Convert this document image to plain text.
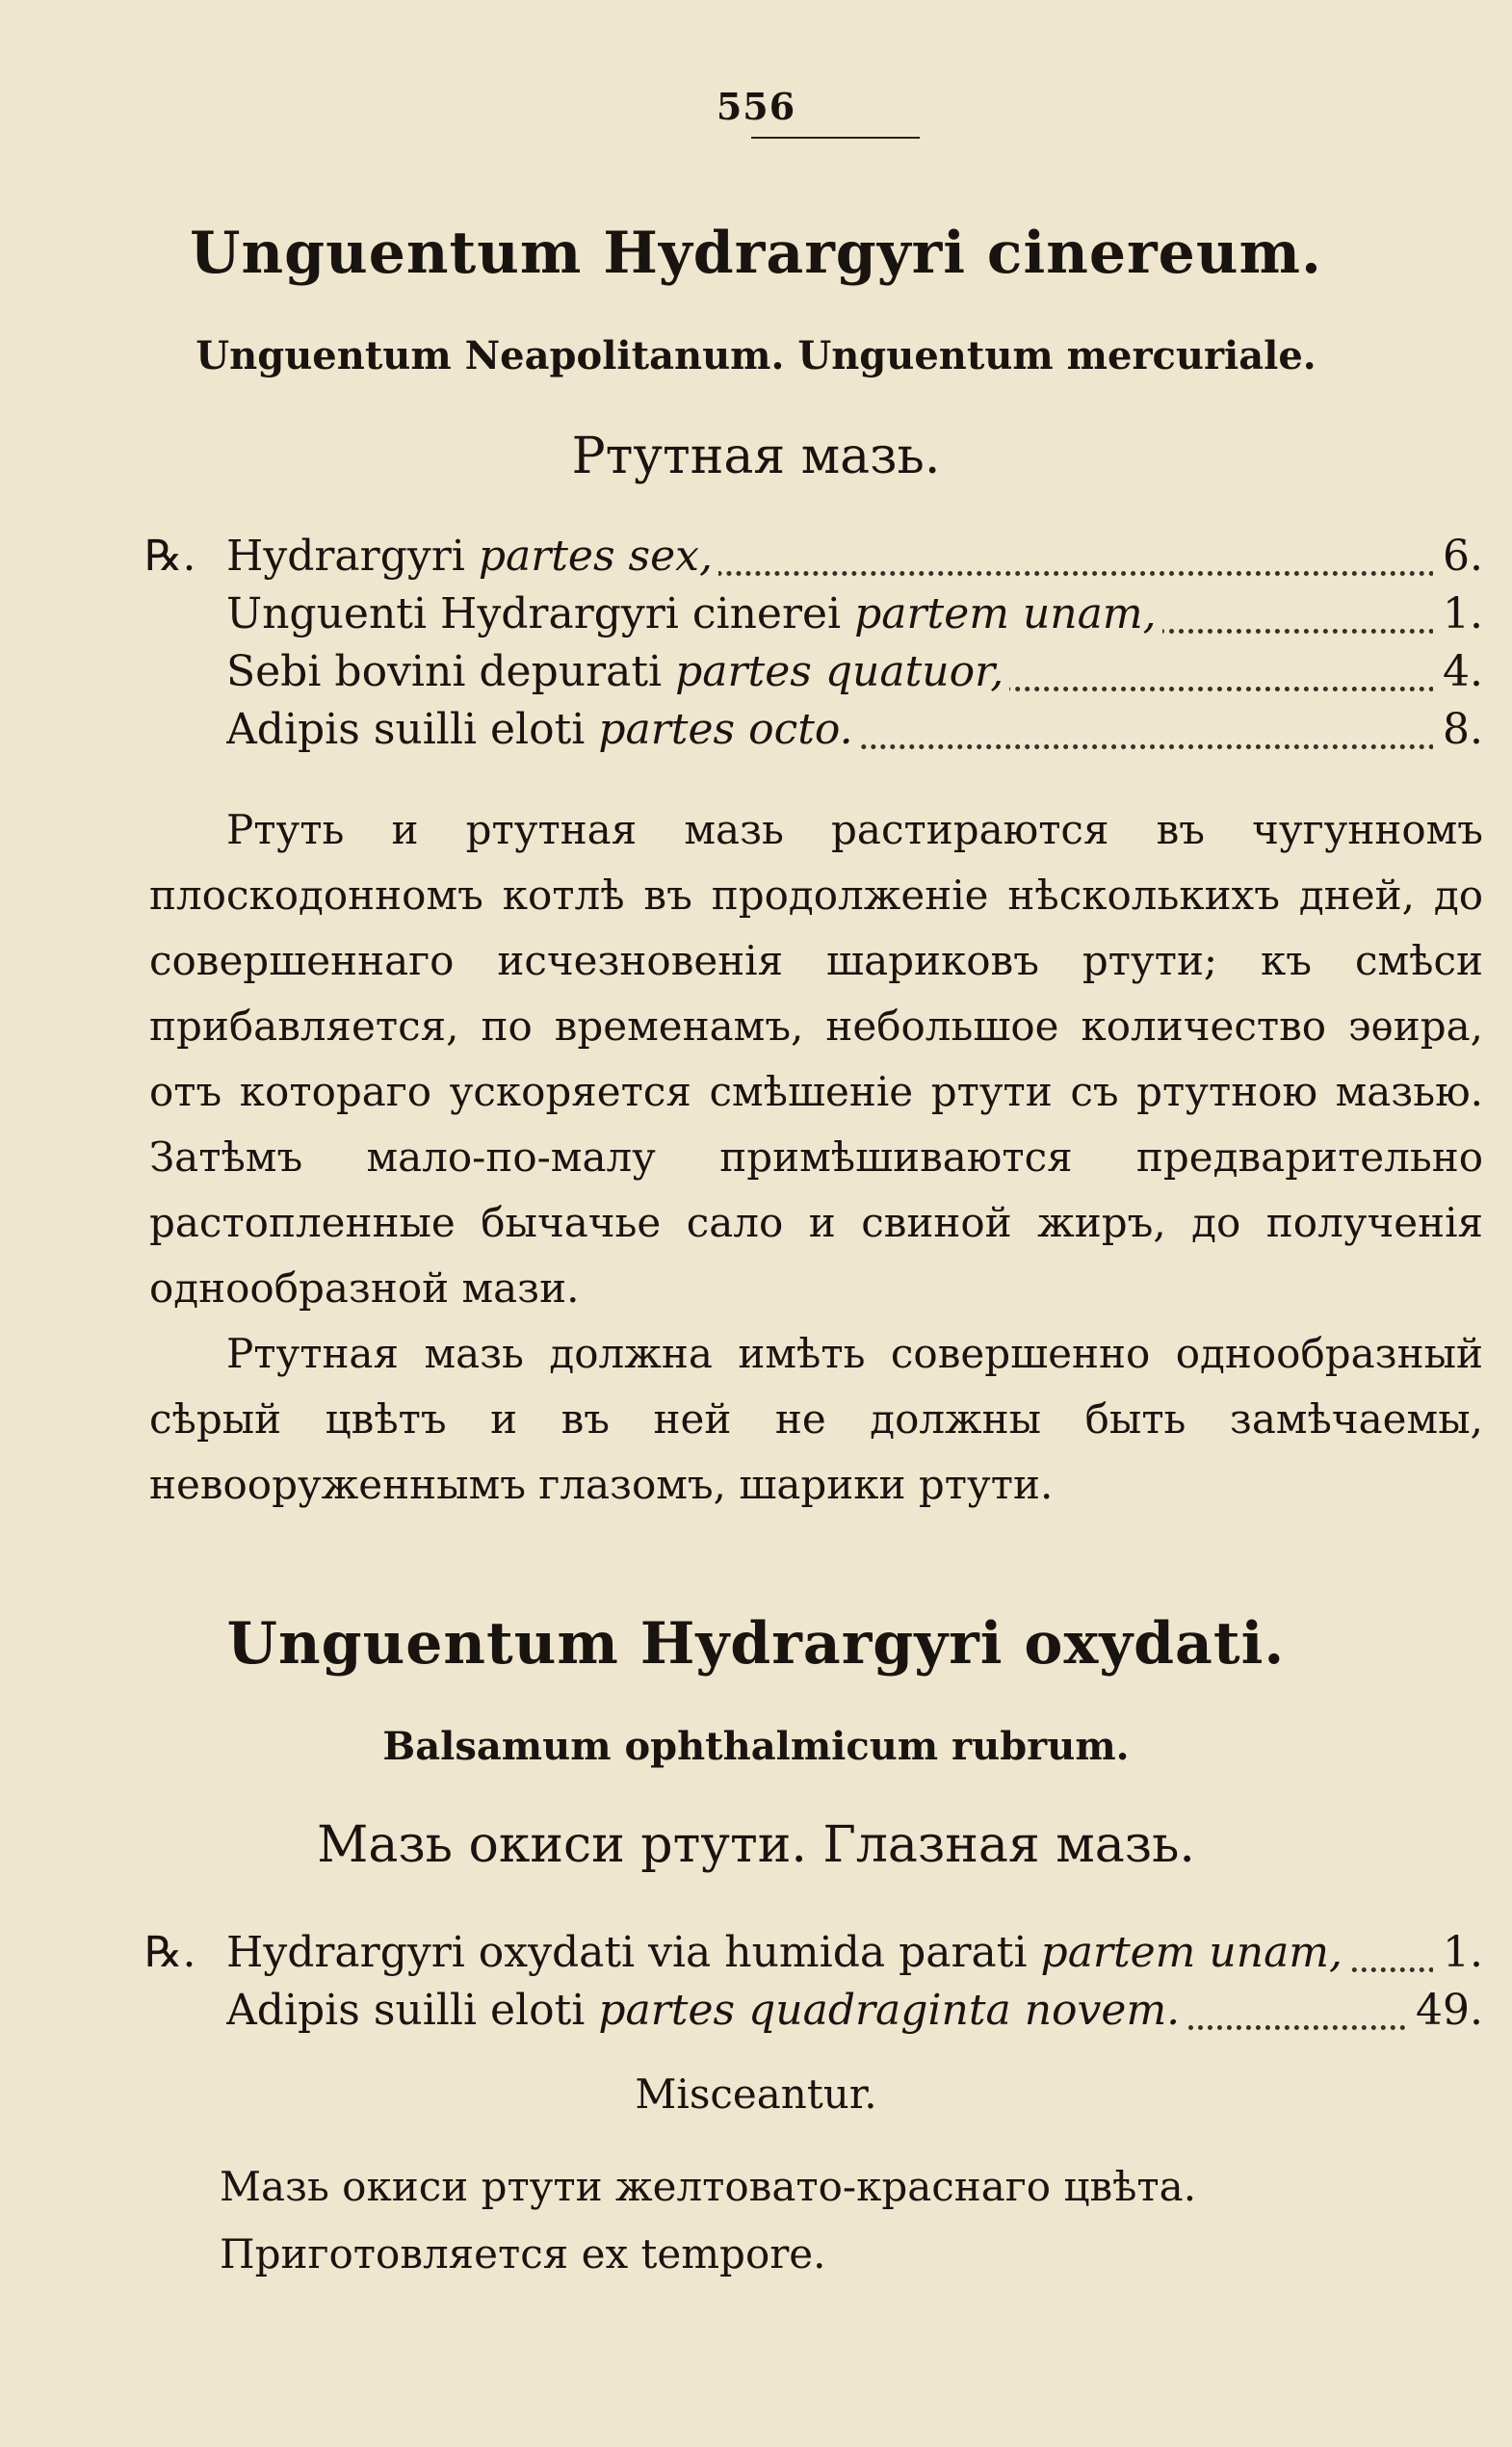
556
Unguentum Hydrargyri cinereum.
Unguentum Neapolitanum. Unguentum mercuriale.
Ртутная мазь.
℞. Hydrargyri partes sex,	6.
Unguenti Hydrargyri cinerei partem unam,	1.
Sebi bovini depurati partes quatuor,	4.
Adipis suilli eloti partes octo.	8.

Ртуть и ртутная мазь растираются въ чугунномъ плоскодонномъ котлѣ въ продолженіе нѣсколькихъ дней, до совершеннаго исчезновенія шариковъ ртути; къ смѣси прибавляется, по временамъ, небольшое количество эѳира, отъ котораго ускоряется смѣшеніе ртути съ ртутною мазью. Затѣмъ мало-по-малу примѣшиваются предварительно растопленные бычачье сало и свиной жиръ, до полученія однообразной мази.

Ртутная мазь должна имѣть совершенно однообразный сѣрый цвѣтъ и въ ней не должны быть замѣчаемы, невооруженнымъ глазомъ, шарики ртути.

Unguentum Hydrargyri oxydati.
Balsamum ophthalmicum rubrum.
Мазь окиси ртути. Глазная мазь.
℞. Hydrargyri oxydati via humida parati partem unam, 1.
Adipis suilli eloti partes quadraginta novem.	49.
Misceantur.
Мазь окиси ртути желтовато-краснаго цвѣта.
Приготовляется ex tempore.
